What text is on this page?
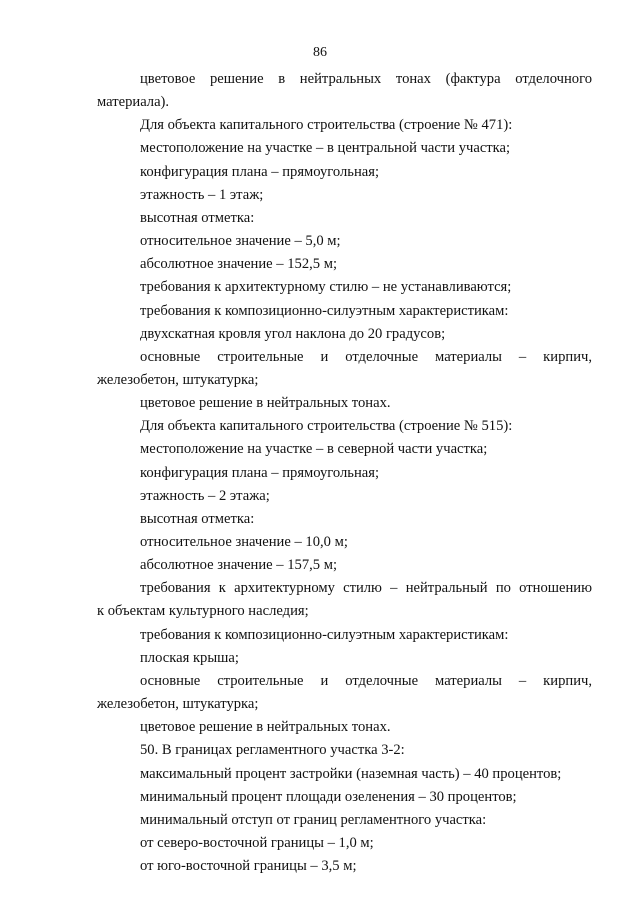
86
цветовое решение в нейтральных тонах (фактура отделочного
материала).
Для объекта капитального строительства (строение № 471):
местоположение на участке – в центральной части участка;
конфигурация плана – прямоугольная;
этажность – 1 этаж;
высотная отметка:
относительное значение – 5,0 м;
абсолютное значение – 152,5 м;
требования к архитектурному стилю – не устанавливаются;
требования к композиционно-силуэтным характеристикам:
двухскатная кровля угол наклона до 20 градусов;
основные строительные и отделочные материалы – кирпич,
железобетон, штукатурка;
цветовое решение в нейтральных тонах.
Для объекта капитального строительства (строение № 515):
местоположение на участке – в северной части участка;
конфигурация плана – прямоугольная;
этажность – 2 этажа;
высотная отметка:
относительное значение – 10,0 м;
абсолютное значение – 157,5 м;
требования к архитектурному стилю – нейтральный по отношению
к объектам культурного наследия;
требования к композиционно-силуэтным характеристикам:
плоская крыша;
основные строительные и отделочные материалы – кирпич,
железобетон, штукатурка;
цветовое решение в нейтральных тонах.
50. В границах регламентного участка 3-2:
максимальный процент застройки (наземная часть) – 40 процентов;
минимальный процент площади озеленения – 30 процентов;
минимальный отступ от границ регламентного участка:
от северо-восточной границы – 1,0 м;
от юго-восточной границы – 3,5 м;
